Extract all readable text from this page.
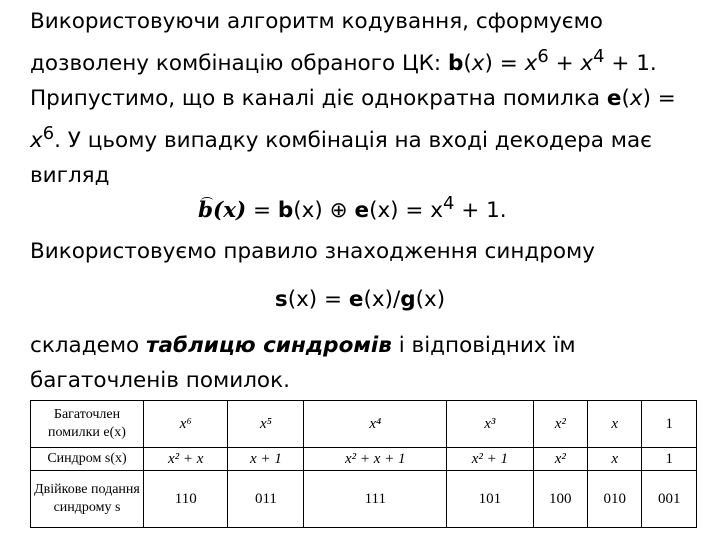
Використовуючи алгоритм кодування, сформуємо дозволену комбінацію обраного ЦК: $b(x) = x^6 + x^4 + 1$. Припустимо, що в каналі діє однократна помилка $e(x) = x^6$. У цьому випадку комбінація на вході декодера має вигляд

b(x) = b(x) ⊕ $e(x) = x^4 + 1$.

Використовуємо правило знаходження синдрому

s(x) = e(x)/g(x)

складемо таблицю синдромів і відповідних їм багаточленів помилок.

Багаточлен помилки e(x)	x⁶	x⁵	x⁴	x³	x²	x	1
Синдром s(x)	x² + x	x + 1	x² + x + 1	x² + 1	x²	x	1
Двійкове подання синдрому s	110	011	111	101	100	010	001
